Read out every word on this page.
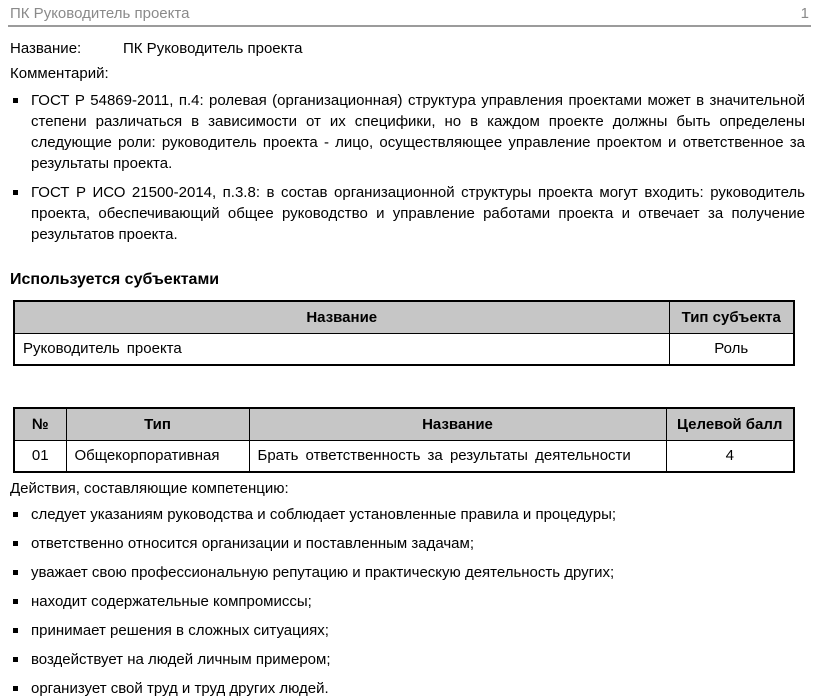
ПК Руководитель проекта	1
Название:	ПК Руководитель проекта
Комментарий:
ГОСТ Р 54869-2011, п.4: ролевая (организационная) структура управления проектами может в значительной степени различаться в зависимости от их специфики, но в каждом проекте должны быть определены следующие роли: руководитель проекта - лицо, осуществляющее управление проектом и ответственное за результаты проекта.
ГОСТ Р ИСО 21500-2014, п.3.8: в состав организационной структуры проекта могут входить: руководитель проекта, обеспечивающий общее руководство и управление работами проекта и отвечает за получение результатов проекта.
Используется субъектами
Название	Тип субъекта
Руководитель проекта	Роль
№	Тип	Название	Целевой балл
01	Общекорпоративная	Брать ответственность за результаты деятельности	4
Действия, составляющие компетенцию:
следует указаниям руководства и соблюдает установленные правила и процедуры;
ответственно относится организации и поставленным задачам;
уважает свою профессиональную репутацию и практическую деятельность других;
находит содержательные компромиссы;
принимает решения в сложных ситуациях;
воздействует на людей личным примером;
организует свой труд и труд других людей.
